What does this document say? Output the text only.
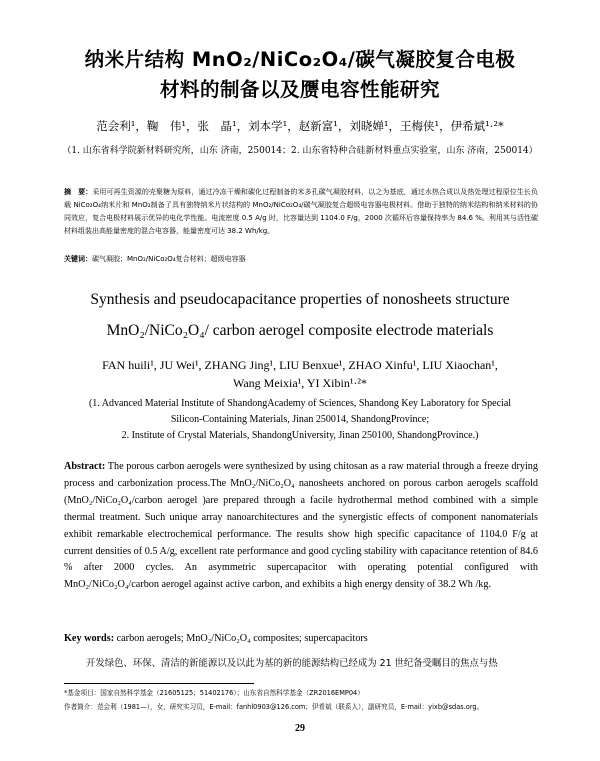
纳米片结构 MnO₂/NiCo₂O₄/碳气凝胶复合电极
材料的制备以及赝电容性能研究
范会利¹，鞠　伟¹，张　晶¹，刘本学¹，赵新富¹，刘晓婵¹，王梅侠¹，伊希斌¹·²*
（1. 山东省科学院新材料研究所，山东 济南，250014；2. 山东省特种合硅新材料重点实验室，山东 济南，250014）
摘　要：采用可再生资源的壳聚糖为原料，通过冷冻干燥和碳化过程制备的米多孔碳气凝胶材料，以之为基底，通过水热合成以及热处理过程原位生长负载 NiCo₂O₄纳米片和 MnO₂制备了具有独特纳米片状结构的 MnO₂/NiCo₂O₄/碳气凝胶复合超级电容器电极材料。借助于独特的纳米结构和纳米材料的协同效应，复合电极材料展示优异的电化学性能。电流密度 0.5 A/g 时，比容量达到 1104.0 F/g，2000 次循环后容量保持率为 84.6 %。利用其与活性碳材料组装出高能量密度的混合电容器，能量密度可达 38.2 Wh/kg。
关键词：碳气凝胶；MnO₂/NiCo₂O₄复合材料；超级电容器
Synthesis and pseudocapacitance properties of nonosheets structure
MnO₂/NiCo₂O₄/ carbon aerogel composite electrode materials
FAN huili¹, JU Wei¹, ZHANG Jing¹, LIU Benxue¹, ZHAO Xinfu¹, LIU Xiaochan¹,
Wang Meixia¹, YI Xibin¹·²*
(1. Advanced Material Institute of ShandongAcademy of Sciences, Shandong Key Laboratory for Special
Silicon-Containing Materials, Jinan 250014, ShandongProvince;
2. Institute of Crystal Materials, ShandongUniversity, Jinan 250100, ShandongProvince.)
Abstract: The porous carbon aerogels were synthesized by using chitosan as a raw material through a freeze drying process and carbonization process.The MnO₂/NiCo₂O₄ nanosheets anchored on porous carbon aerogels scaffold (MnO₂/NiCo₂O₄/carbon aerogel )are prepared through a facile hydrothermal method combined with a simple thermal treatment. Such unique array nanoarchitectures and the synergistic effects of component nanomaterials exhibit remarkable electrochemical performance. The results show high specific capacitance of 1104.0 F/g at current densities of 0.5 A/g, excellent rate performance and good cycling stability with capacitance retention of 84.6 % after 2000 cycles. An asymmetric supercapacitor with operating potential configured with MnO₂/NiCo₂O₄/carbon aerogel against active carbon, and exhibits a high energy density of 38.2 Wh /kg.
Key words: carbon aerogels; MnO₂/NiCo₂O₄ composites; supercapacitors
开发绿色、环保、清洁的新能源以及以此为基的新的能源结构已经成为 21 世纪备受瞩目的焦点与热
*基金项目：国家自然科学基金（21605125；51402176）；山东省自然科学基金（ZR2016EMP04）
作者简介：范会利（1981—），女，研究实习员，E-mail：fanhl0903@126.com；伊希斌（联系人），副研究员，E-mail：yixb@sdas.org。
29
